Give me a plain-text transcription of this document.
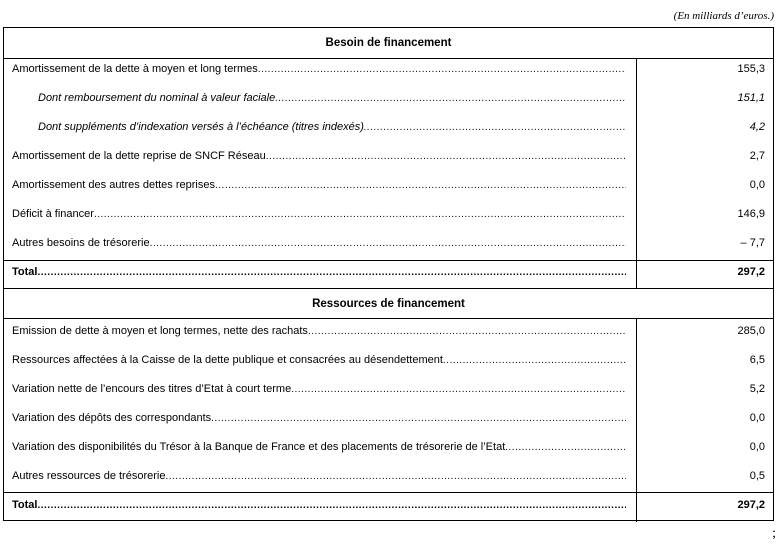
(En milliards d’euros.)
Besoin de financement
Amortissement de la dette à moyen et long termes .....	155,3
Dont remboursement du nominal à valeur faciale .....	151,1
Dont suppléments d’indexation versés à l’échéance (titres indexés) .....	4,2
Amortissement de la dette reprise de SNCF Réseau .....	2,7
Amortissement des autres dettes reprises .....	0,0
Déficit à financer .....	146,9
Autres besoins de trésorerie .....	– 7,7
Total .....	297,2
Ressources de financement
Emission de dette à moyen et long termes, nette des rachats .....	285,0
Ressources affectées à la Caisse de la dette publique et consacrées au désendettement .....	6,5
Variation nette de l’encours des titres d’Etat à court terme .....	5,2
Variation des dépôts des correspondants .....	0,0
Variation des disponibilités du Trésor à la Banque de France et des placements de trésorerie de l’Etat .....	0,0
Autres ressources de trésorerie .....	0,5
Total .....	297,2
;
